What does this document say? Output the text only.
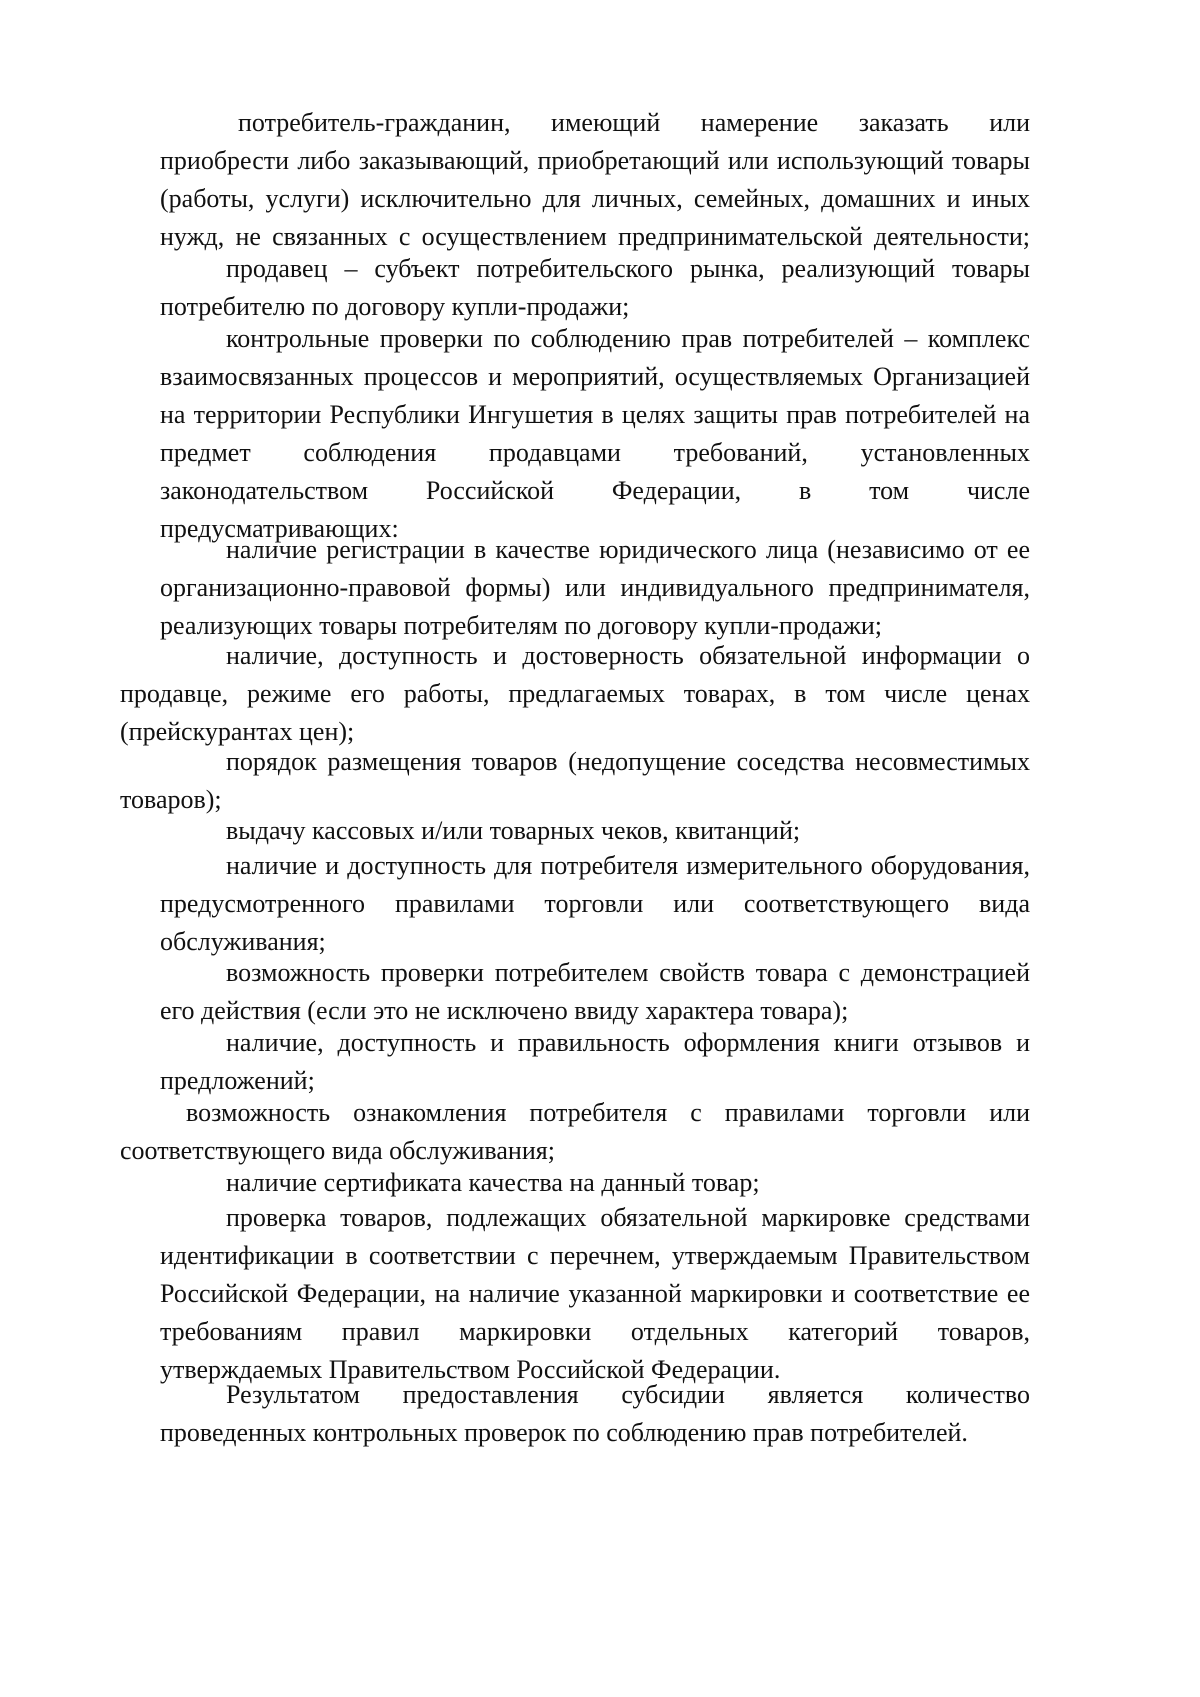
потребитель-гражданин, имеющий намерение заказать или
приобрести либо заказывающий, приобретающий или использующий товары
(работы, услуги) исключительно для личных, семейных, домашних и иных
нужд, не связанных с осуществлением предпринимательской деятельности;
продавец – субъект потребительского рынка, реализующий товары
потребителю по договору купли-продажи;
контрольные проверки по соблюдению прав потребителей – комплекс
взаимосвязанных процессов и мероприятий, осуществляемых Организацией
на территории Республики Ингушетия в целях защиты прав потребителей на
предмет соблюдения продавцами требований, установленных
законодательством Российской Федерации, в том числе
предусматривающих:
наличие регистрации в качестве юридического лица (независимо от ее
организационно-правовой формы) или индивидуального предпринимателя,
реализующих товары потребителям по договору купли-продажи;
наличие, доступность и достоверность обязательной информации о
продавце, режиме его работы, предлагаемых товарах, в том числе ценах
(прейскурантах цен);
порядок размещения товаров (недопущение соседства несовместимых
товаров);
выдачу кассовых и/или товарных чеков, квитанций;
наличие и доступность для потребителя измерительного оборудования,
предусмотренного правилами торговли или соответствующего вида
обслуживания;
возможность проверки потребителем свойств товара с демонстрацией
его действия (если это не исключено ввиду характера товара);
наличие, доступность и правильность оформления книги отзывов и
предложений;
возможность ознакомления потребителя с правилами торговли или
соответствующего вида обслуживания;
наличие сертификата качества на данный товар;
проверка товаров, подлежащих обязательной маркировке средствами
идентификации в соответствии с перечнем, утверждаемым Правительством
Российской Федерации, на наличие указанной маркировки и соответствие ее
требованиям правил маркировки отдельных категорий товаров,
утверждаемых Правительством Российской Федерации.
Результатом предоставления субсидии является количество
проведенных контрольных проверок по соблюдению прав потребителей.
